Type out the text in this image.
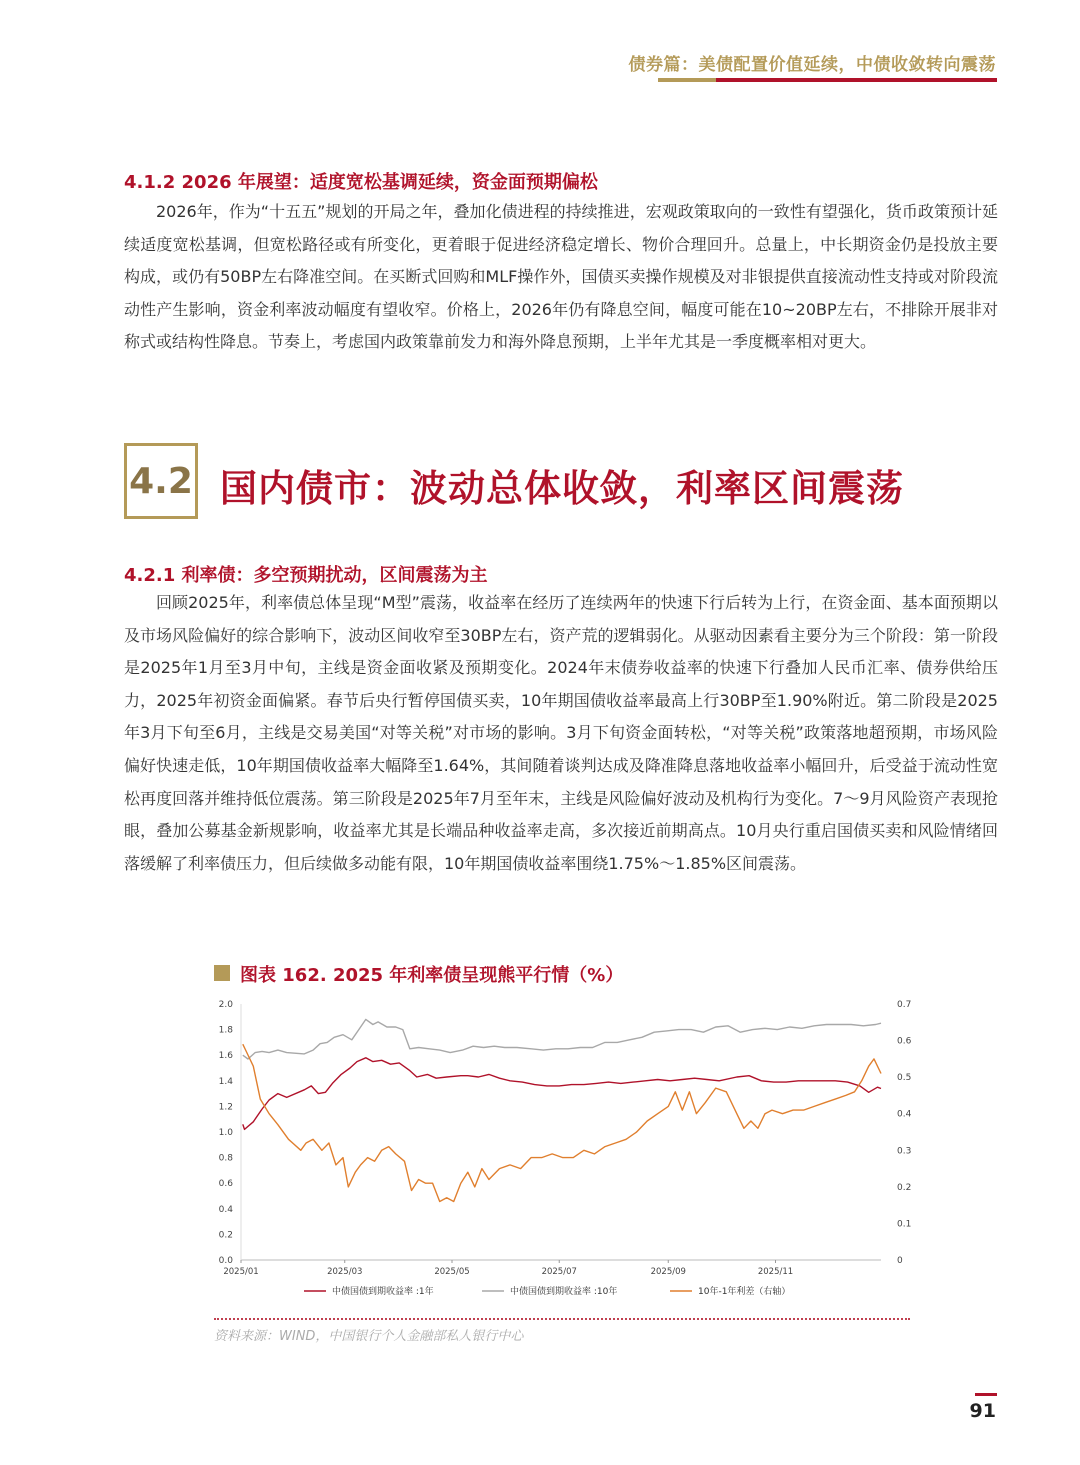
债券篇：美债配置价值延续，中债收敛转向震荡
4.1.2 2026 年展望：适度宽松基调延续，资金面预期偏松

2026年，作为“十五五”规划的开局之年，叠加化债进程的持续推进，宏观政策取向的一致性有望强化，货币政策预计延续适度宽松基调，但宽松路径或有所变化，更着眼于促进经济稳定增长、物价合理回升。总量上，中长期资金仍是投放主要构成，或仍有50BP左右降准空间。在买断式回购和MLF操作外，国债买卖操作规模及对非银提供直接流动性支持或对阶段流动性产生影响，资金利率波动幅度有望收窄。价格上，2026年仍有降息空间，幅度可能在10~20BP左右，不排除开展非对称式或结构性降息。节奏上，考虑国内政策靠前发力和海外降息预期，上半年尤其是一季度概率相对更大。

4.2 国内债市：波动总体收敛，利率区间震荡
4.2.1 利率债：多空预期扰动，区间震荡为主

回顾2025年，利率债总体呈现“M型”震荡，收益率在经历了连续两年的快速下行后转为上行，在资金面、基本面预期以及市场风险偏好的综合影响下，波动区间收窄至30BP左右，资产荒的逻辑弱化。从驱动因素看主要分为三个阶段：第一阶段是2025年1月至3月中旬，主线是资金面收紧及预期变化。2024年末债券收益率的快速下行叠加人民币汇率、债券供给压力，2025年初资金面偏紧。春节后央行暂停国债买卖，10年期国债收益率最高上行30BP至1.90%附近。第二阶段是2025年3月下旬至6月，主线是交易美国“对等关税”对市场的影响。3月下旬资金面转松，“对等关税”政策落地超预期，市场风险偏好快速走低，10年期国债收益率大幅降至1.64%，其间随着谈判达成及降准降息落地收益率小幅回升，后受益于流动性宽松再度回落并维持低位震荡。第三阶段是2025年7月至年末，主线是风险偏好波动及机构行为变化。7～9月风险资产表现抢眼，叠加公募基金新规影响，收益率尤其是长端品种收益率走高，多次接近前期高点。10月央行重启国债买卖和风险情绪回落缓解了利率债压力，但后续做多动能有限，10年期国债收益率围绕1.75%～1.85%区间震荡。

图表 162. 2025 年利率债呈现熊平行情（%）
0.0
0.2
0.4
0.6
0.8
1.0
1.2
1.4
1.6
1.8
2.0
0
0.1
0.2
0.3
0.4
0.5
0.6
0.7
2025/01	2025/03	2025/05	2025/07	2025/09	2025/11
中债国债到期收益率 :1年	中债国债到期收益率 :10年	10年-1年利差（右轴）
资料来源：WIND，中国银行个人金融部私人银行中心
91
